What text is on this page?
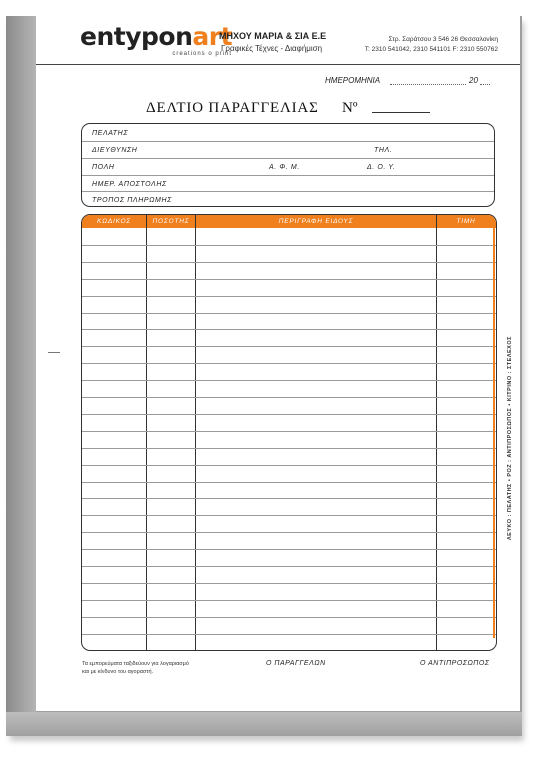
entyponart
creations o print
ΜΗΧΟΥ ΜΑΡΙΑ & ΣΙΑ Ε.Ε
Γραφικές Τέχνες - Διαφήμιση
Στρ. Σαράτσου 3 546 26 Θεσσαλονίκη
T: 2310 541042, 2310 541101 F: 2310 550762
ΗΜΕΡΟΜΗΝΙΑ	20
ΔΕΛΤΙΟ ΠΑΡΑΓΓΕΛΙΑΣ Nº
ΠΕΛΑΤΗΣ
ΔΙΕΥΘΥΝΣΗ	ΤΗΛ.
ΠΟΛΗ	Α. Φ. Μ.	Δ. Ο. Υ.
ΗΜΕΡ. ΑΠΟΣΤΟΛΗΣ
ΤΡΟΠΟΣ ΠΛΗΡΩΜΗΣ
ΚΩΔΙΚΟΣ	ΠΟΣΟΤΗΣ	ΠΕΡΙΓΡΑΦΗ ΕΙΔΟΥΣ	ΤΙΜΗ
ΛΕΥΚΟ : ΠΕΛΑΤΗΣ • ΡΟΖ : ΑΝΤΙΠΡΟΣΩΠΟΣ • ΚΙΤΡΙΝΟ : ΣΤΕΛΕΧΟΣ
Τα εμπορεύματα ταξιδεύουν για λογαριασμό
και με κίνδυνο του αγοραστή.
Ο ΠΑΡΑΓΓΕΛΩΝ	Ο ΑΝΤΙΠΡΟΣΩΠΟΣ
